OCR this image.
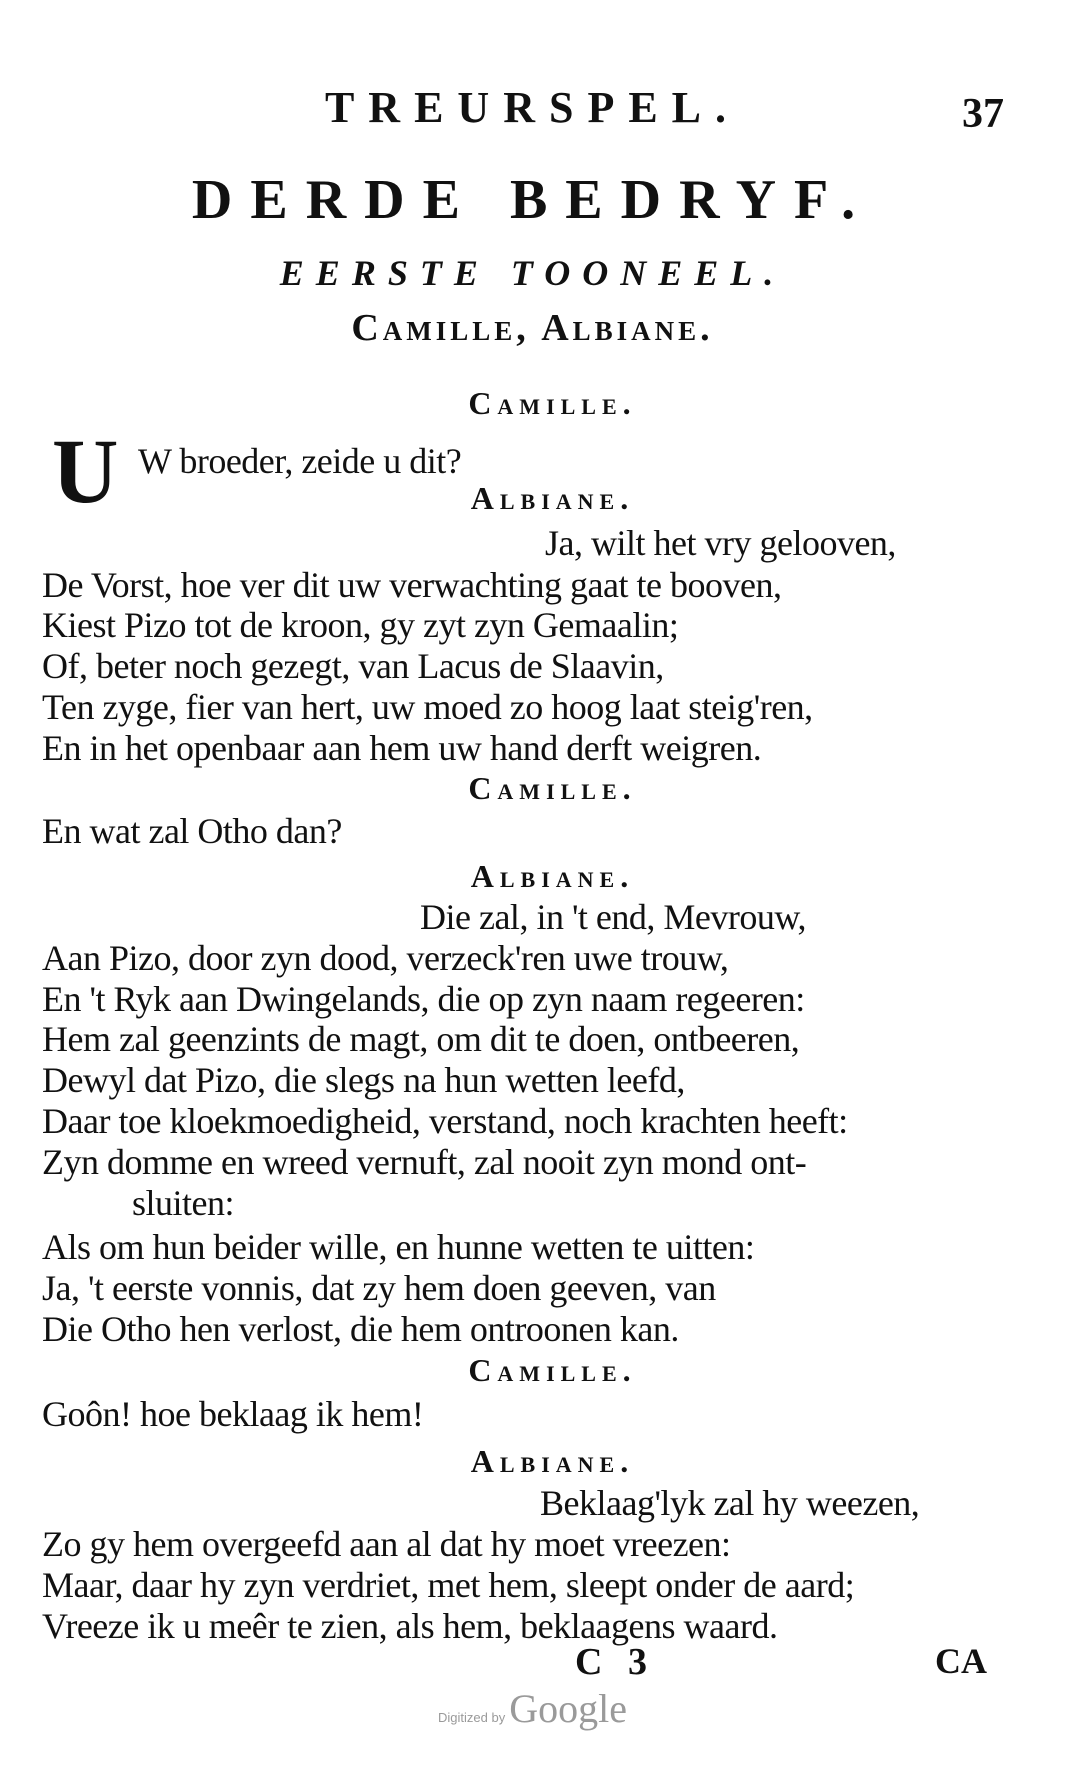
TREURSPEL.	37
DERDE BEDRYF.
EERSTE TOONEEL.
Camille, Albiane.
U
Camille.
W broeder, zeide u dit?
Albiane.
Ja, wilt het vry gelooven,
De Vorst, hoe ver dit uw verwachting gaat te booven,
Kiest Pizo tot de kroon, gy zyt zyn Gemaalin;
Of, beter noch gezegt, van Lacus de Slaavin,
Ten zyge, fier van hert, uw moed zo hoog laat steig'ren,
En in het openbaar aan hem uw hand derft weigren.
Camille.
En wat zal Otho dan?
Albiane.
Die zal, in 't end, Mevrouw,
Aan Pizo, door zyn dood, verzeck'ren uwe trouw,
En 't Ryk aan Dwingelands, die op zyn naam regeeren:
Hem zal geenzints de magt, om dit te doen, ontbeeren,
Dewyl dat Pizo, die slegs na hun wetten leefd,
Daar toe kloekmoedigheid, verstand, noch krachten heeft:
Zyn domme en wreed vernuft, zal nooit zyn mond ont-
sluiten:
Als om hun beider wille, en hunne wetten te uitten:
Ja, 't eerste vonnis, dat zy hem doen geeven, van
Die Otho hen verlost, die hem ontroonen kan.
Camille.
Goôn! hoe beklaag ik hem!
Albiane.
Beklaag'lyk zal hy weezen,
Zo gy hem overgeefd aan al dat hy moet vreezen:
Maar, daar hy zyn verdriet, met hem, sleept onder de aard;
Vreeze ik u meêr te zien, als hem, beklaagens waard.
C 3	CA
Digitized by Google
